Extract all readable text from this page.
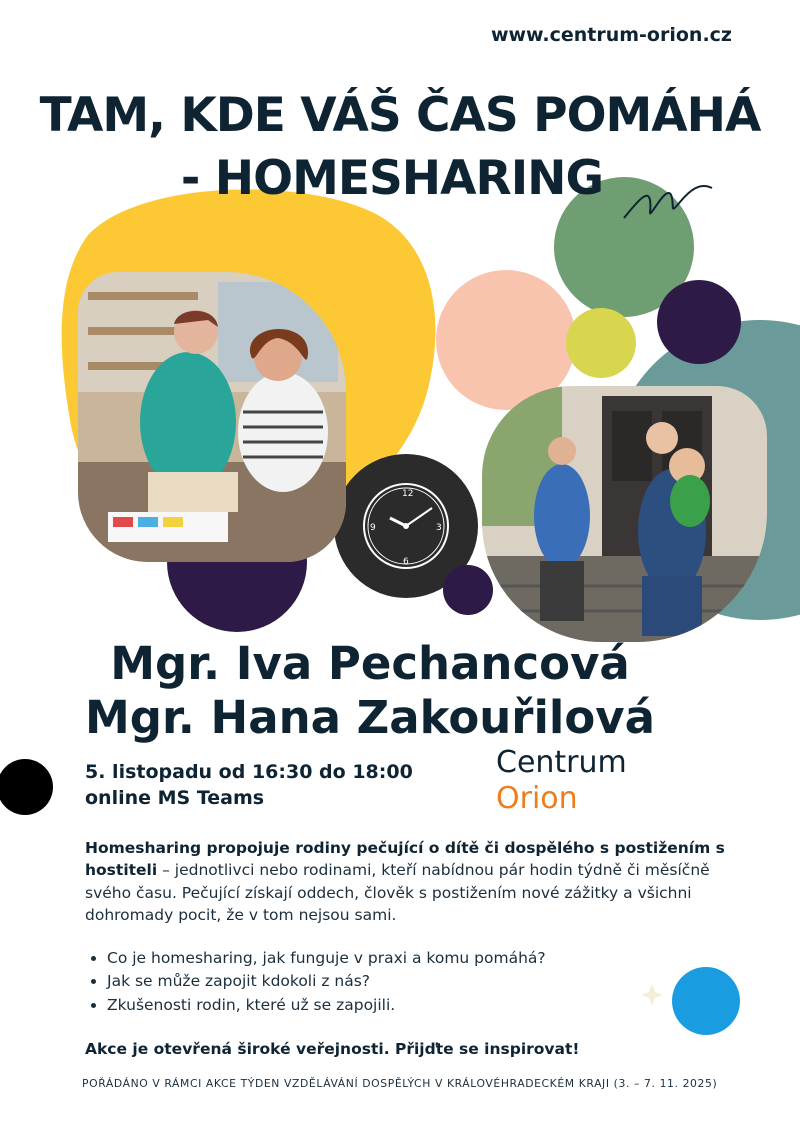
www.centrum-orion.cz
TAM, KDE VÁŠ ČAS POMÁHÁ
- HOMESHARING
12
3
6
9
Mgr. Iva Pechancová
Mgr. Hana Zakouřilová
5. listopadu od 16:30 do 18:00
online MS Teams
Centrum
Orion
Homesharing propojuje rodiny pečující o dítě či dospělého s postižením s hostiteli – jednotlivci nebo rodinami, kteří nabídnou pár hodin týdně či měsíčně svého času. Pečující získají oddech, člověk s postižením nové zážitky a všichni dohromady pocit, že v tom nejsou sami.
• Co je homesharing, jak funguje v praxi a komu pomáhá?
• Jak se může zapojit kdokoli z nás?
• Zkušenosti rodin, které už se zapojili.
Akce je otevřená široké veřejnosti. Přijďte se inspirovat!
POŘÁDÁNO V RÁMCI AKCE TÝDEN VZDĚLÁVÁNÍ DOSPĚLÝCH V KRÁLOVÉHRADECKÉM KRAJI (3. – 7. 11. 2025)
